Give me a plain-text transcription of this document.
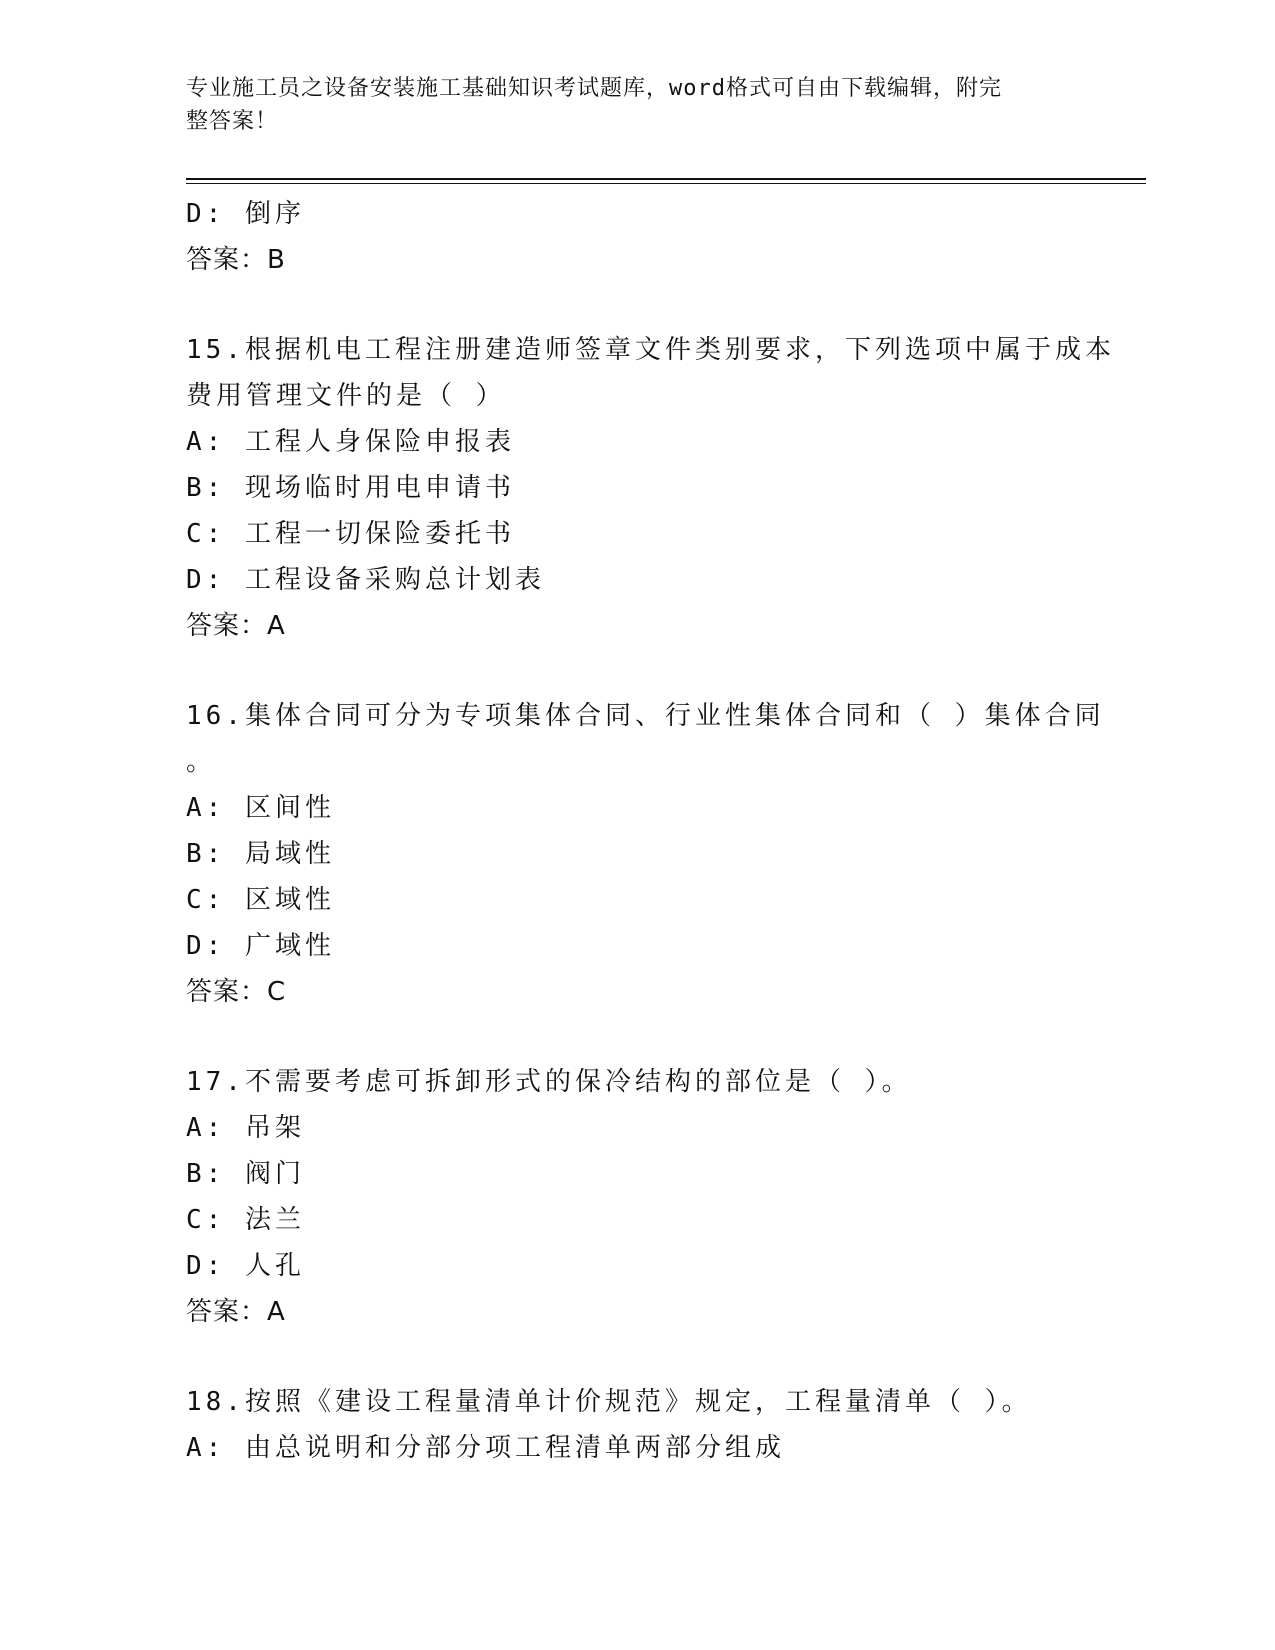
专业施工员之设备安装施工基础知识考试题库，word格式可自由下载编辑，附完
整答案！
D: 倒序
答案：B
15.根据机电工程注册建造师签章文件类别要求，下列选项中属于成本
费用管理文件的是（ ）
A: 工程人身保险申报表
B: 现场临时用电申请书
C: 工程一切保险委托书
D: 工程设备采购总计划表
答案：A
16.集体合同可分为专项集体合同、行业性集体合同和（ ）集体合同
。
A: 区间性
B: 局域性
C: 区域性
D: 广域性
答案：C
17.不需要考虑可拆卸形式的保冷结构的部位是（ ）。
A: 吊架
B: 阀门
C: 法兰
D: 人孔
答案：A
18.按照《建设工程量清单计价规范》规定，工程量清单（ ）。
A: 由总说明和分部分项工程清单两部分组成
